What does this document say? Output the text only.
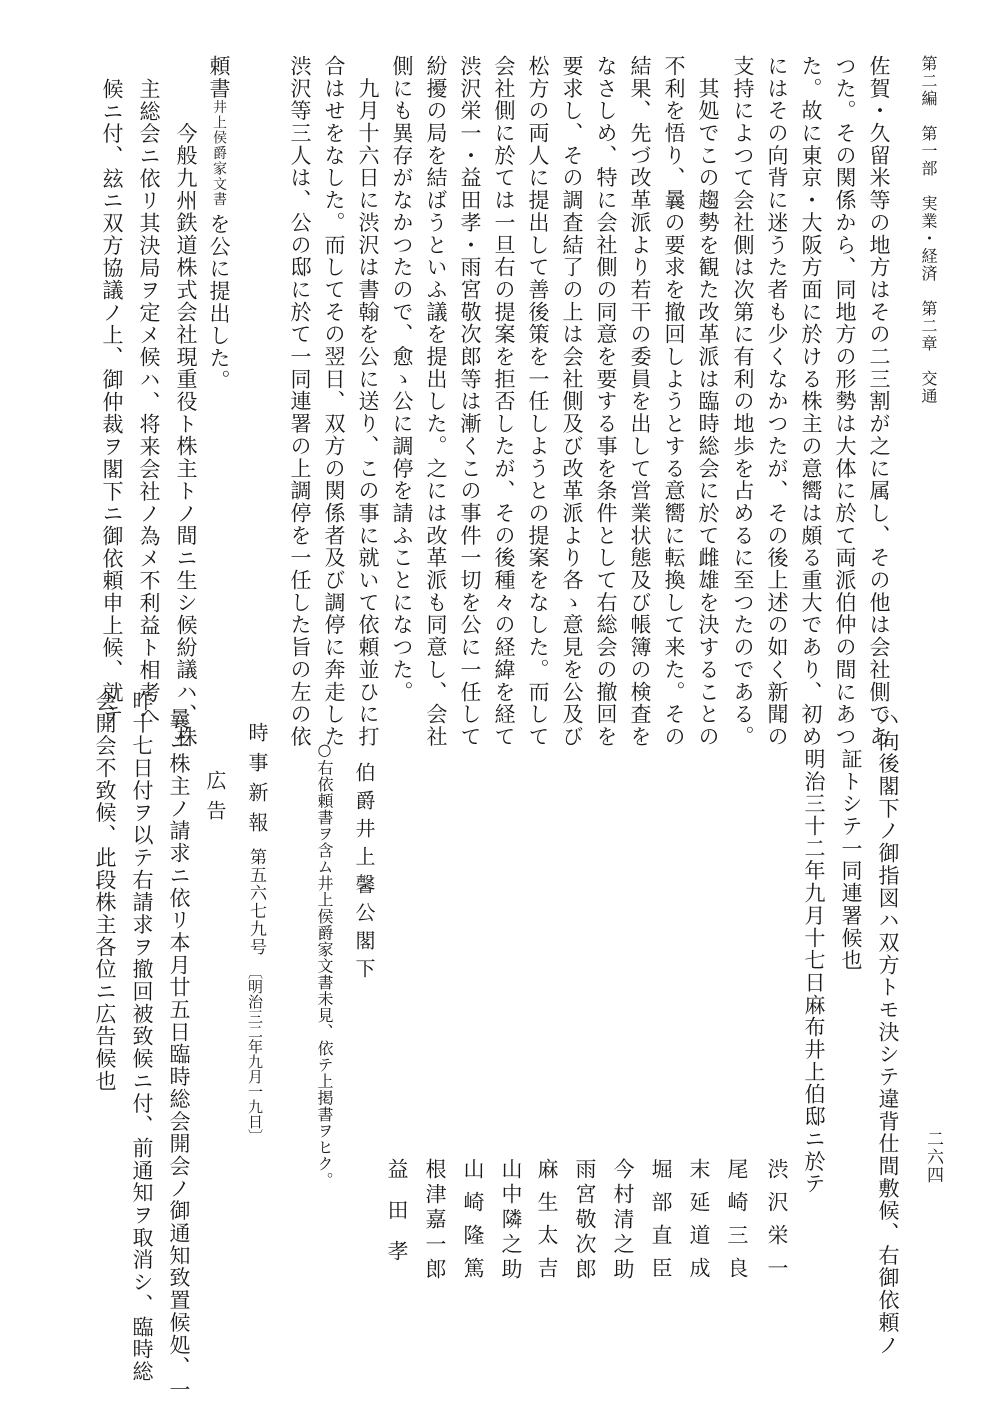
第二編　第一部　実業・経済　第二章　交通
二六四
佐賀・久留米等の地方はその二三割が之に属し、その他は会社側であ
つた。その関係から、同地方の形勢は大体に於て両派伯仲の間にあつ
た。故に東京・大阪方面に於ける株主の意嚮は頗る重大であり、初め
にはその向背に迷うた者も少くなかつたが、その後上述の如く新聞の
支持によつて会社側は次第に有利の地歩を占めるに至つたのである。
　其処でこの趨勢を観た改革派は臨時総会に於て雌雄を決することの
不利を悟り、曩の要求を撤回しようとする意嚮に転換して来た。その
結果、先づ改革派より若干の委員を出して営業状態及び帳簿の検査を
なさしめ、特に会社側の同意を要する事を条件として右総会の撤回を
要求し、その調査結了の上は会社側及び改革派より各ゝ意見を公及び
松方の両人に提出して善後策を一任しようとの提案をなした。而して
会社側に於ては一旦右の提案を拒否したが、その後種々の経緯を経て
渋沢栄一・益田孝・雨宮敬次郎等は漸くこの事件一切を公に一任して
紛擾の局を結ばうといふ議を提出した。之には改革派も同意し、会社
側にも異存がなかつたので、愈ゝ公に調停を請ふことになつた。
　九月十六日に渋沢は書翰を公に送り、この事に就いて依頼並ひに打
合はせをなした。而してその翌日、双方の関係者及び調停に奔走した
渋沢等三人は、公の邸に於て一同連署の上調停を一任した旨の左の依
頼書井上侯爵家文書を公に提出した。
　今般九州鉄道株式会社現重役ト株主トノ間ニ生シ候紛議ハ、株
主総会ニ依リ其決局ヲ定メ候ハ、将来会社ノ為メ不利益ト相考へ
候ニ付、玆ニ双方協議ノ上、御仲裁ヲ閣下ニ御依頼申上候、就テ
ハ向後閣下ノ御指図ハ双方トモ決シテ違背仕間敷候、右御依頼ノ
証トシテ一同連署候也
明治三十二年九月十七日麻布井上伯邸ニ於テ
渋沢栄一
尾崎三良
末延道成
堀部直臣
今村清之助
雨宮敬次郎
麻生太吉
山中隣之助
山崎隆篤
根津嘉一郎
益田孝
伯爵井上馨公閣下
○右依頼書ヲ含ム井上侯爵家文書未見、依テ上掲書ヲヒク。
時事新報
第五六七九号
〔明治三二年九月一九日〕
広告
曩ニ株主ノ請求ニ依リ本月廿五日臨時総会開会ノ御通知致置候処、一
昨十七日付ヲ以テ右請求ヲ撤回被致候ニ付、前通知ヲ取消シ、臨時総
会開会不致候、此段株主各位ニ広告候也
